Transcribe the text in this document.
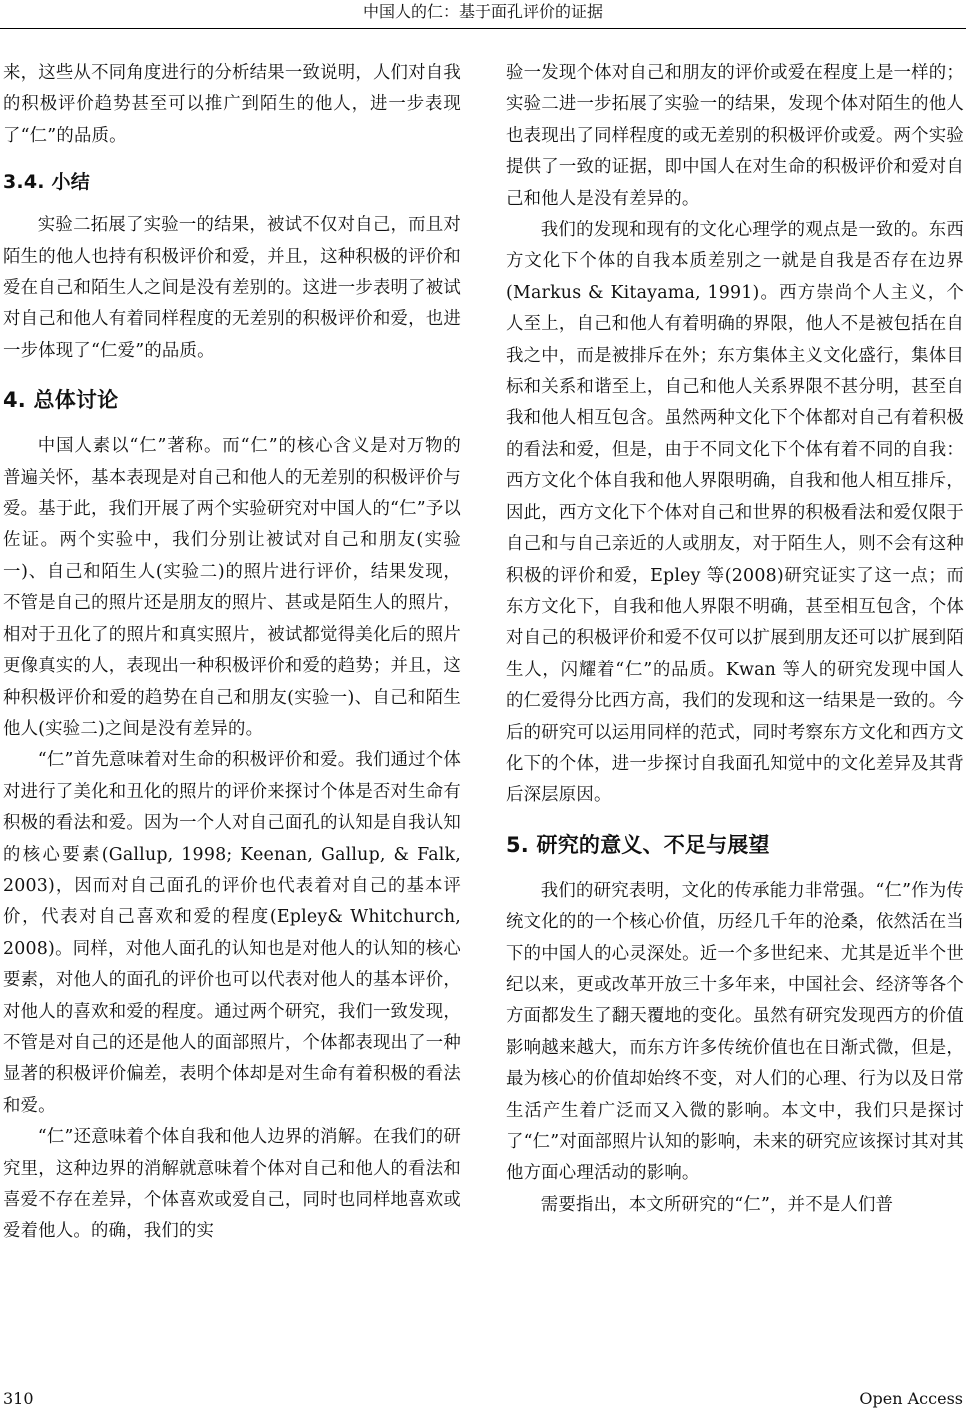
中国人的仁：基于面孔评价的证据

来，这些从不同角度进行的分析结果一致说明，人们对自我的积极评价趋势甚至可以推广到陌生的他人，进一步表现了“仁”的品质。

3.4. 小结

实验二拓展了实验一的结果，被试不仅对自己，而且对陌生的他人也持有积极评价和爱，并且，这种积极的评价和爱在自己和陌生人之间是没有差别的。这进一步表明了被试对自己和他人有着同样程度的无差别的积极评价和爱，也进一步体现了“仁爱”的品质。

4. 总体讨论

中国人素以“仁”著称。而“仁”的核心含义是对万物的普遍关怀，基本表现是对自己和他人的无差别的积极评价与爱。基于此，我们开展了两个实验研究对中国人的“仁”予以佐证。两个实验中，我们分别让被试对自己和朋友(实验一)、自己和陌生人(实验二)的照片进行评价，结果发现，不管是自己的照片还是朋友的照片、甚或是陌生人的照片，相对于丑化了的照片和真实照片，被试都觉得美化后的照片更像真实的人，表现出一种积极评价和爱的趋势；并且，这种积极评价和爱的趋势在自己和朋友(实验一)、自己和陌生他人(实验二)之间是没有差异的。

“仁”首先意味着对生命的积极评价和爱。我们通过个体对进行了美化和丑化的照片的评价来探讨个体是否对生命有积极的看法和爱。因为一个人对自己面孔的认知是自我认知的核心要素(Gallup, 1998; Keenan, Gallup, & Falk, 2003)，因而对自己面孔的评价也代表着对自己的基本评价，代表对自己喜欢和爱的程度(Epley& Whitchurch, 2008)。同样，对他人面孔的认知也是对他人的认知的核心要素，对他人的面孔的评价也可以代表对他人的基本评价，对他人的喜欢和爱的程度。通过两个研究，我们一致发现，不管是对自己的还是他人的面部照片，个体都表现出了一种显著的积极评价偏差，表明个体却是对生命有着积极的看法和爱。

“仁”还意味着个体自我和他人边界的消解。在我们的研究里，这种边界的消解就意味着个体对自己和他人的看法和喜爱不存在差异，个体喜欢或爱自己，同时也同样地喜欢或爱着他人。的确，我们的实

验一发现个体对自己和朋友的评价或爱在程度上是一样的；实验二进一步拓展了实验一的结果，发现个体对陌生的他人也表现出了同样程度的或无差别的积极评价或爱。两个实验提供了一致的证据，即中国人在对生命的积极评价和爱对自己和他人是没有差异的。

我们的发现和现有的文化心理学的观点是一致的。东西方文化下个体的自我本质差别之一就是自我是否存在边界(Markus & Kitayama, 1991)。西方崇尚个人主义，个人至上，自己和他人有着明确的界限，他人不是被包括在自我之中，而是被排斥在外；东方集体主义文化盛行，集体目标和关系和谐至上，自己和他人关系界限不甚分明，甚至自我和他人相互包含。虽然两种文化下个体都对自己有着积极的看法和爱，但是，由于不同文化下个体有着不同的自我：西方文化个体自我和他人界限明确，自我和他人相互排斥，因此，西方文化下个体对自己和世界的积极看法和爱仅限于自己和与自己亲近的人或朋友，对于陌生人，则不会有这种积极的评价和爱，Epley 等(2008)研究证实了这一点；而东方文化下，自我和他人界限不明确，甚至相互包含，个体对自己的积极评价和爱不仅可以扩展到朋友还可以扩展到陌生人，闪耀着“仁”的品质。Kwan 等人的研究发现中国人的仁爱得分比西方高，我们的发现和这一结果是一致的。今后的研究可以运用同样的范式，同时考察东方文化和西方文化下的个体，进一步探讨自我面孔知觉中的文化差异及其背后深层原因。

5. 研究的意义、不足与展望

我们的研究表明，文化的传承能力非常强。“仁”作为传统文化的的一个核心价值，历经几千年的沧桑，依然活在当下的中国人的心灵深处。近一个多世纪来、尤其是近半个世纪以来，更或改革开放三十多年来，中国社会、经济等各个方面都发生了翻天覆地的变化。虽然有研究发现西方的价值影响越来越大，而东方许多传统价值也在日渐式微，但是，最为核心的价值却始终不变，对人们的心理、行为以及日常生活产生着广泛而又入微的影响。本文中，我们只是探讨了“仁”对面部照片认知的影响，未来的研究应该探讨其对其他方面心理活动的影响。

需要指出，本文所研究的“仁”，并不是人们普

310	Open Access
